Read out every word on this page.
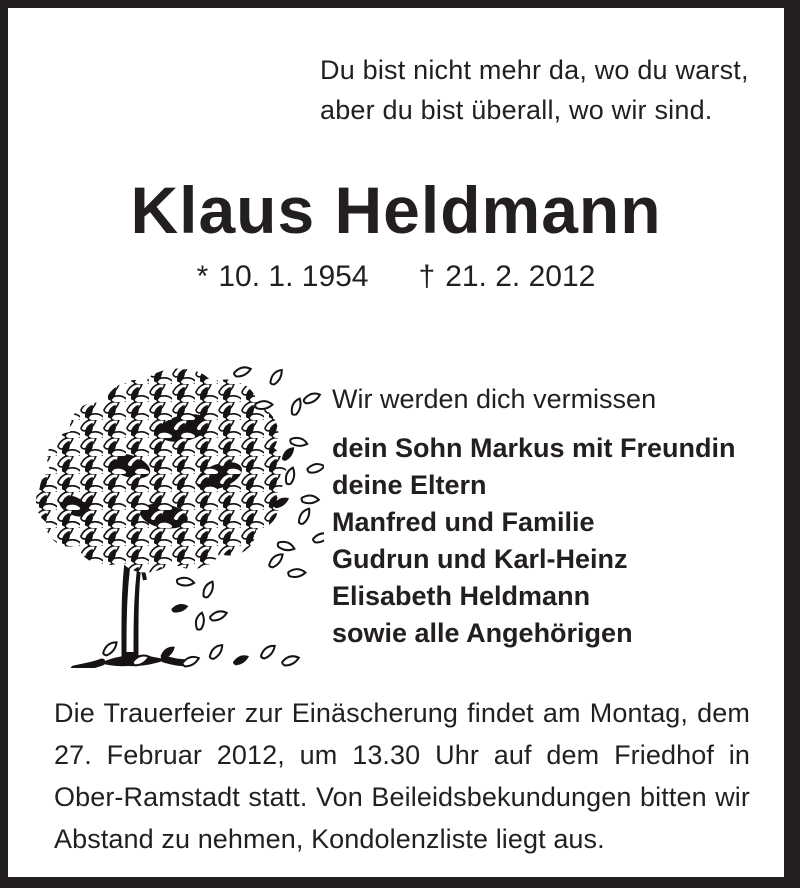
Du bist nicht mehr da, wo du warst,
aber du bist überall, wo wir sind.
Klaus Heldmann
* 10. 1. 1954 † 21. 2. 2012
Wir werden dich vermissen
dein Sohn Markus mit Freundin
deine Eltern
Manfred und Familie
Gudrun und Karl-Heinz
Elisabeth Heldmann
sowie alle Angehörigen
Die Trauerfeier zur Einäscherung findet am Montag, dem 27. Februar 2012, um 13.30 Uhr auf dem Friedhof in Ober-Ramstadt statt. Von Beileidsbekundungen bitten wir Abstand zu nehmen, Kondolenzliste liegt aus.
